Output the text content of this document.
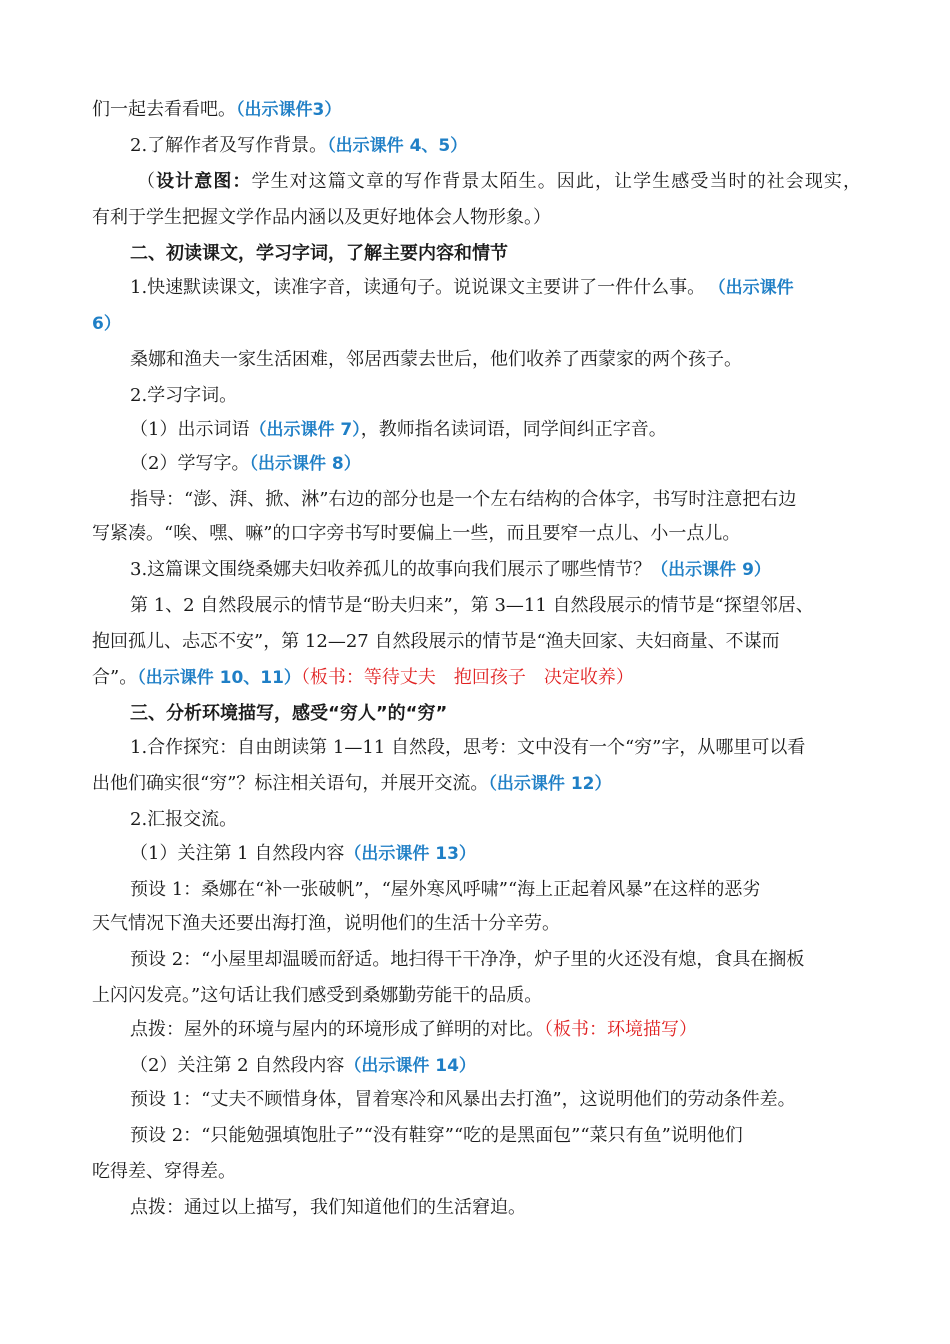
们一起去看看吧。（出示课件3）
2.了解作者及写作背景。（出示课件 4、5）
（设计意图：学生对这篇文章的写作背景太陌生。因此，让学生感受当时的社会现实，
有利于学生把握文学作品内涵以及更好地体会人物形象。）
二、初读课文，学习字词，了解主要内容和情节
1.快速默读课文，读准字音，读通句子。说说课文主要讲了一件什么事。 （出示课件
6）
桑娜和渔夫一家生活困难，邻居西蒙去世后，他们收养了西蒙家的两个孩子。
2.学习字词。
（1）出示词语（出示课件 7），教师指名读词语，同学间纠正字音。
（2）学写字。（出示课件 8）
指导：“澎、湃、掀、淋”右边的部分也是一个左右结构的合体字，书写时注意把右边
写紧凑。“唉、嘿、嘛”的口字旁书写时要偏上一些，而且要窄一点儿、小一点儿。
3.这篇课文围绕桑娜夫妇收养孤儿的故事向我们展示了哪些情节？（出示课件 9）
第 1、2 自然段展示的情节是“盼夫归来”，第 3—11 自然段展示的情节是“探望邻居、
抱回孤儿、忐忑不安”，第 12—27 自然段展示的情节是“渔夫回家、夫妇商量、不谋而
合”。（出示课件 10、11）（板书：等待丈夫　抱回孩子　决定收养）
三、分析环境描写，感受“穷人”的“穷”
1.合作探究：自由朗读第 1—11 自然段，思考：文中没有一个“穷”字，从哪里可以看
出他们确实很“穷”？标注相关语句，并展开交流。（出示课件 12）
2.汇报交流。
（1）关注第 1 自然段内容（出示课件 13）
预设 1：桑娜在“补一张破帆”，“屋外寒风呼啸”“海上正起着风暴”在这样的恶劣
天气情况下渔夫还要出海打渔，说明他们的生活十分辛劳。
预设 2：“小屋里却温暖而舒适。地扫得干干净净，炉子里的火还没有熄，食具在搁板
上闪闪发亮。”这句话让我们感受到桑娜勤劳能干的品质。
点拨：屋外的环境与屋内的环境形成了鲜明的对比。（板书：环境描写）
（2）关注第 2 自然段内容（出示课件 14）
预设 1：“丈夫不顾惜身体，冒着寒冷和风暴出去打渔”，这说明他们的劳动条件差。
预设 2：“只能勉强填饱肚子”“没有鞋穿”“吃的是黑面包”“菜只有鱼”说明他们
吃得差、穿得差。
点拨：通过以上描写，我们知道他们的生活窘迫。
